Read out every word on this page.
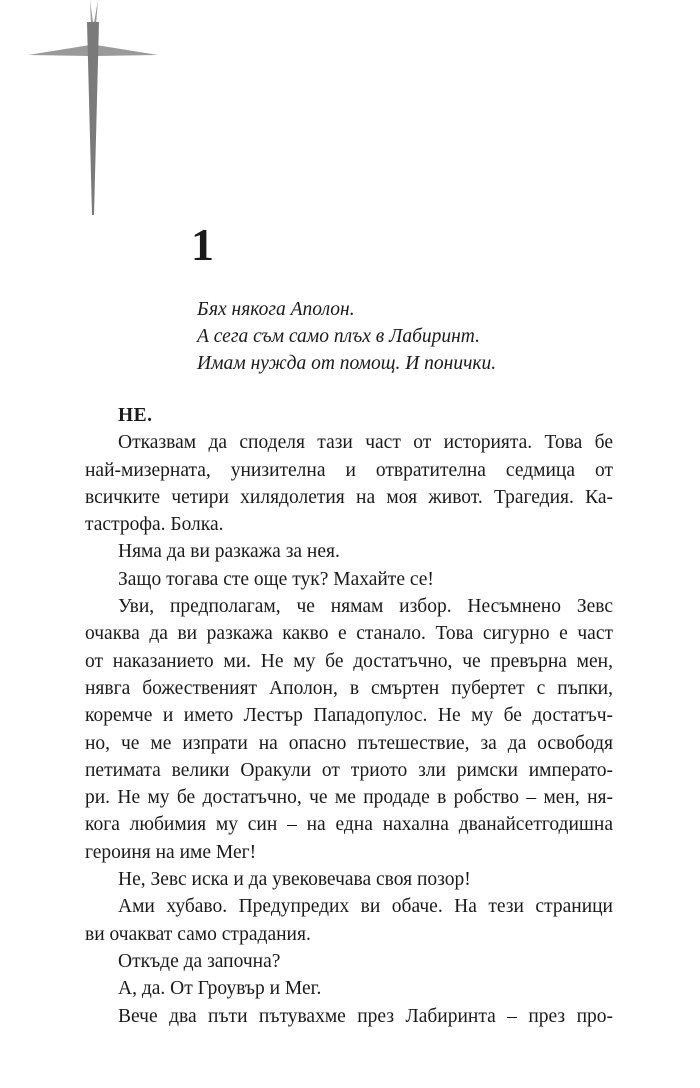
1
Бях някога Аполон.
А сега съм само плъх в Лабиринт.
Имам нужда от помощ. И понички.
НЕ.
Отказвам да споделя тази част от историята. Това бе
най-мизерната, унизителна и отвратителна седмица от
всичките четири хилядолетия на моя живот. Трагедия. Ка-
тастрофа. Болка.
Няма да ви разкажа за нея.
Защо тогава сте още тук? Махайте се!
Уви, предполагам, че нямам избор. Несъмнено Зевс
очаква да ви разкажа какво е станало. Това сигурно е част
от наказанието ми. Не му бе достатъчно, че превърна мен,
нявга божественият Аполон, в смъртен пубертет с пъпки,
коремче и името Лестър Пападопулос. Не му бе достатъч-
но, че ме изпрати на опасно пътешествие, за да освободя
петимата велики Оракули от триото зли римски императо-
ри. Не му бе достатъчно, че ме продаде в робство – мен, ня-
кога любимия му син – на една нахална дванайсетгодишна
героиня на име Мег!
Не, Зевс иска и да увековечава своя позор!
Ами хубаво. Предупредих ви обаче. На тези страници
ви очакват само страдания.
Откъде да започна?
А, да. От Гроувър и Мег.
Вече два пъти пътувахме през Лабиринта – през про-
